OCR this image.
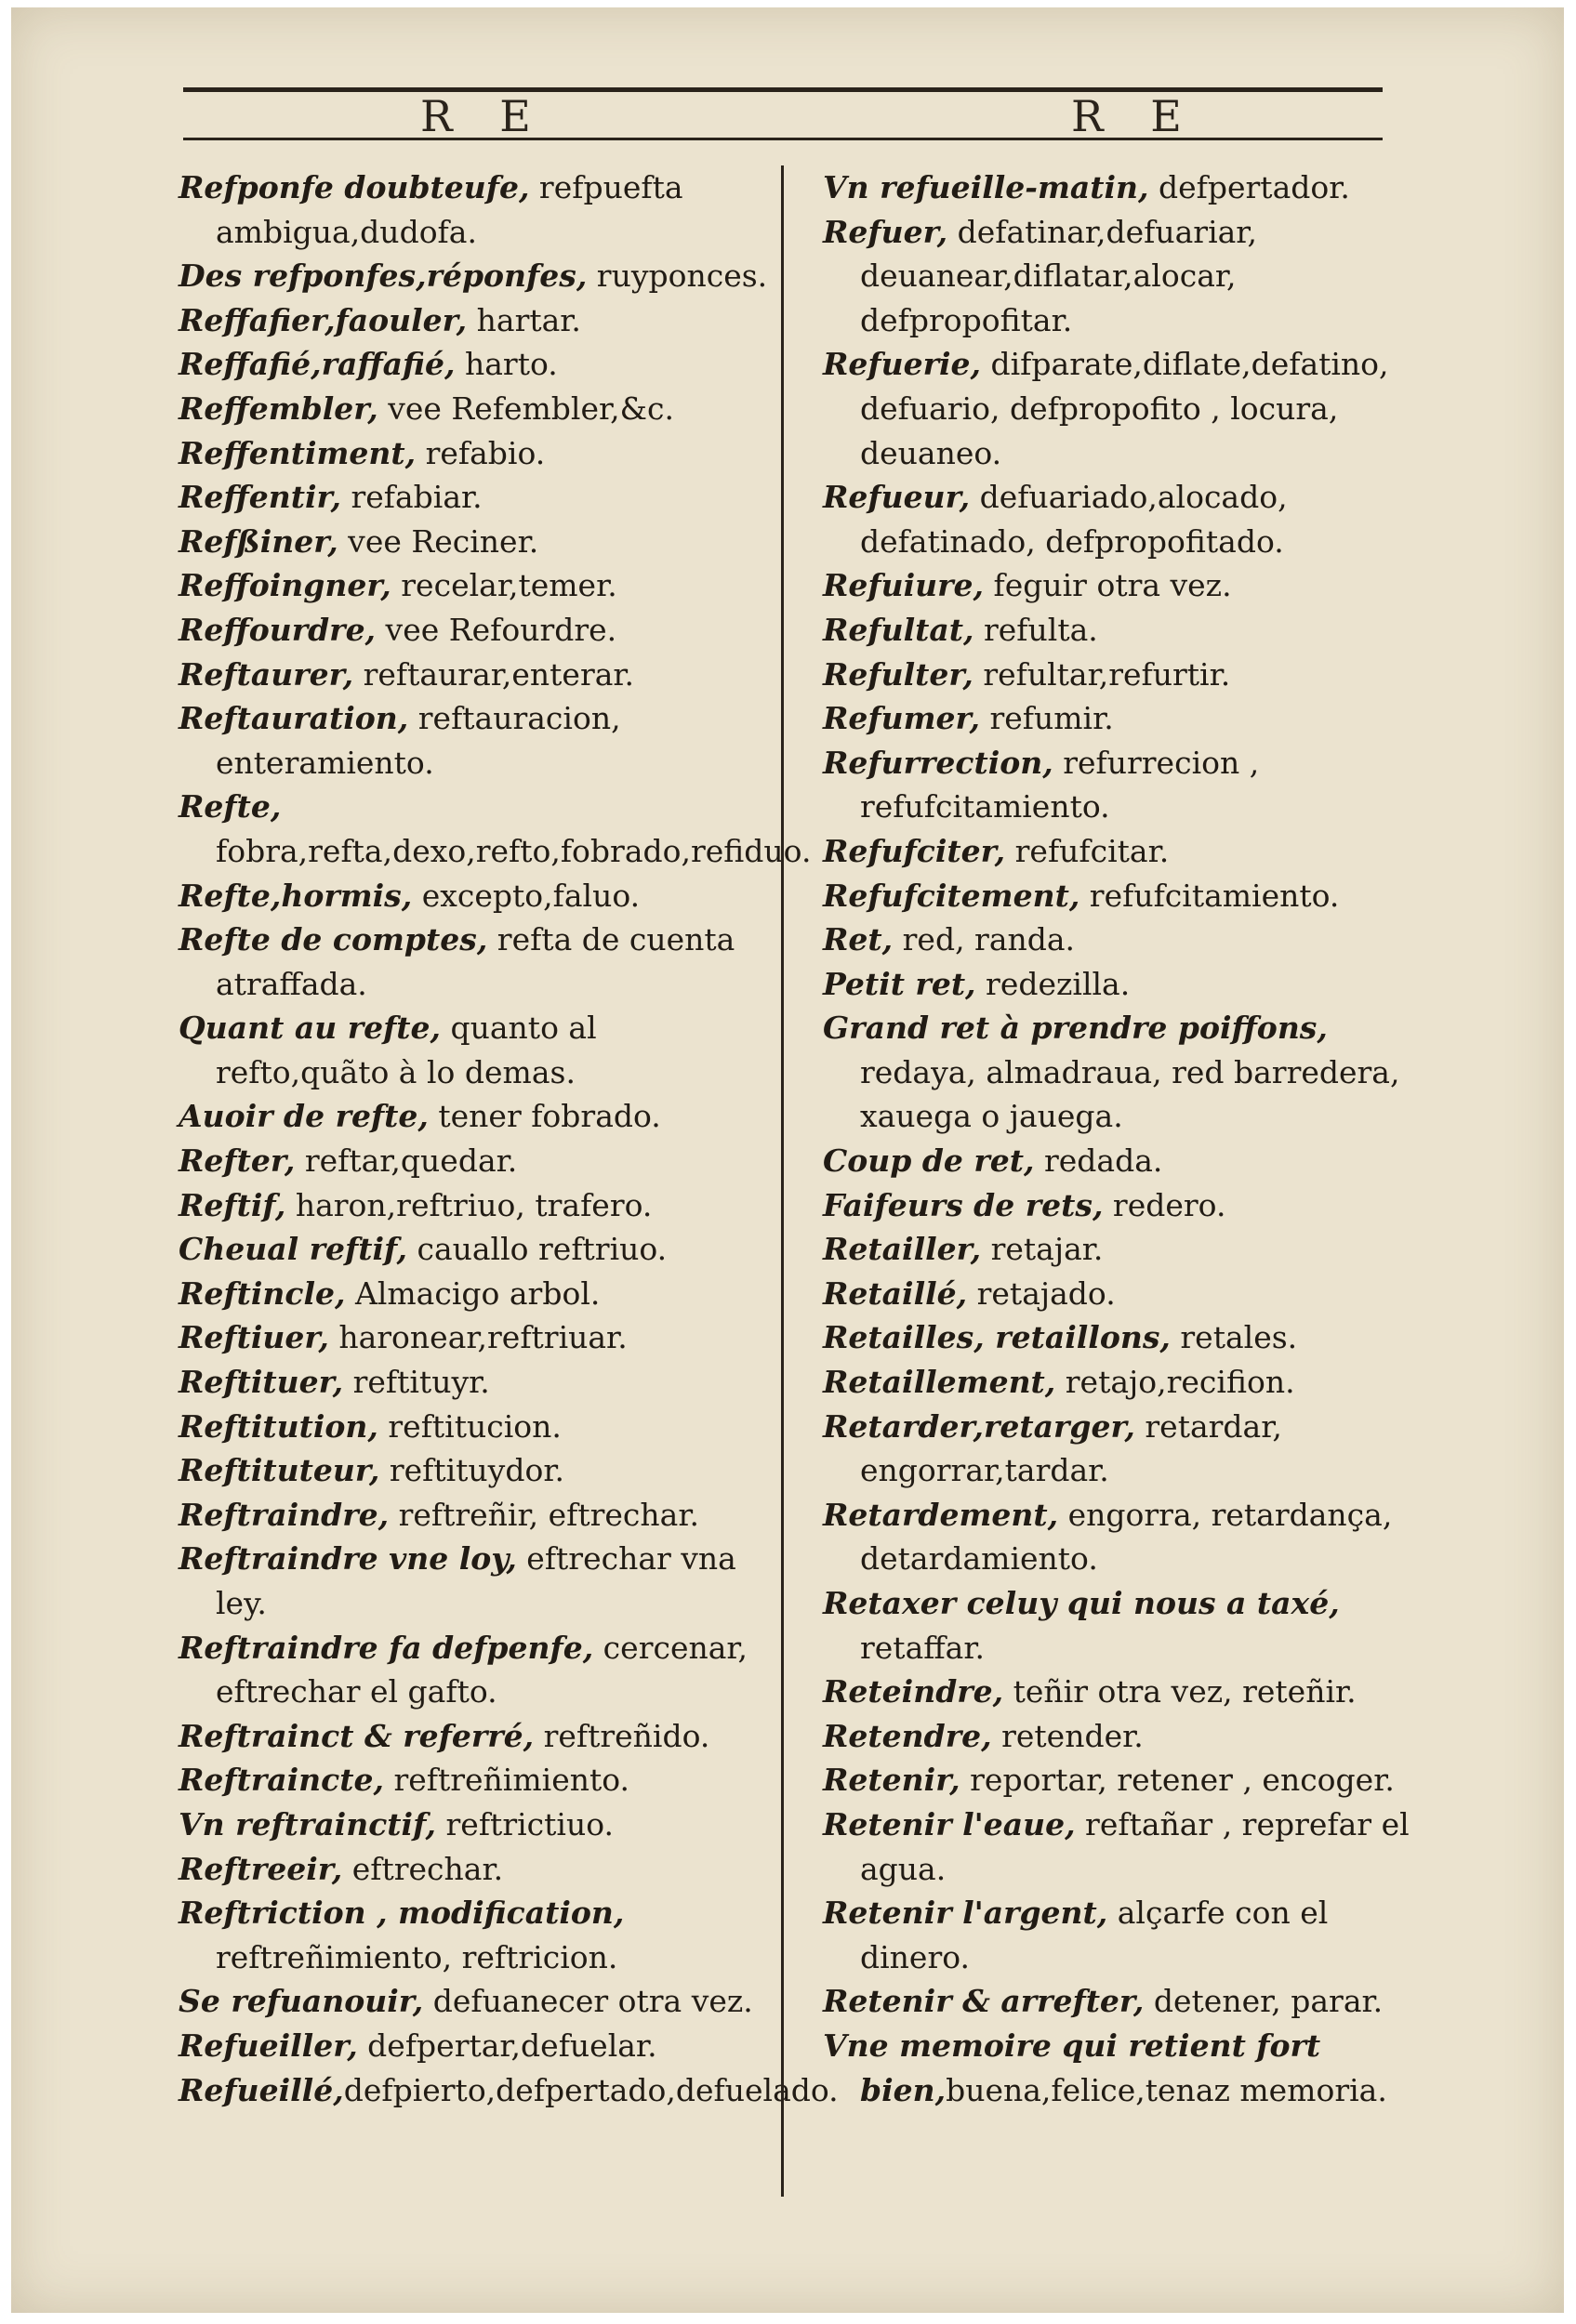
R E	R E

Refponfe doubteufe, refpuefta ambigua,dudofa.

Des refponfes,réponfes, ruyponces.

Reffafier,faouler, hartar.

Reffafié,raffafié, harto.

Reffembler, vee Refembler,&c.

Reffentiment, refabio.

Reffentir, refabiar.

Refßiner, vee Reciner.

Reffoingner, recelar,temer.

Reffourdre, vee Refourdre.

Reftaurer, reftaurar,enterar.

Reftauration, reftauracion, enteramiento.

Refte, fobra,refta,dexo,refto,fobrado,refiduo.

Refte,hormis, excepto,faluo.

Refte de comptes, refta de cuenta atraffada.

Quant au refte, quanto al refto,quãto à lo demas.

Auoir de refte, tener fobrado.

Refter, reftar,quedar.

Reftif, haron,reftriuo, trafero.

Cheual reftif, cauallo reftriuo.

Reftincle, Almacigo arbol.

Reftiuer, haronear,reftriuar.

Reftituer, reftituyr.

Reftitution, reftitucion.

Reftituteur, reftituydor.

Reftraindre, reftreñir, eftrechar.

Reftraindre vne loy, eftrechar vna ley.

Reftraindre fa defpenfe, cercenar, eftrechar el gafto.

Reftrainct & referré, reftreñido.

Reftraincte, reftreñimiento.

Vn reftrainctif, reftrictiuo.

Reftreeir, eftrechar.

Reftriction , modification, reftreñimiento, reftricion.

Se refuanouir, defuanecer otra vez.

Refueiller, defpertar,defuelar.

Refueillé,defpierto,defpertado,defuelado.

Vn refueille-matin, defpertador.

Refuer, defatinar,defuariar, deuanear,diflatar,alocar, defpropofitar.

Refuerie, difparate,diflate,defatino, defuario, defpropofito , locura, deuaneo.

Refueur, defuariado,alocado, defatinado, defpropofitado.

Refuiure, feguir otra vez.

Refultat, refulta.

Refulter, refultar,refurtir.

Refumer, refumir.

Refurrection, refurrecion , refufcitamiento.

Refufciter, refufcitar.

Refufcitement, refufcitamiento.

Ret, red, randa.

Petit ret, redezilla.

Grand ret à prendre poiffons, redaya, almadraua, red barredera, xauega o jauega.

Coup de ret, redada.

Faifeurs de rets, redero.

Retailler, retajar.

Retaillé, retajado.

Retailles, retaillons, retales.

Retaillement, retajo,recifion.

Retarder,retarger, retardar, engorrar,tardar.

Retardement, engorra, retardança, detardamiento.

Retaxer celuy qui nous a taxé, retaffar.

Reteindre, teñir otra vez, reteñir.

Retendre, retender.

Retenir, reportar, retener , encoger.

Retenir l'eaue, reftañar , reprefar el agua.

Retenir l'argent, alçarfe con el dinero.

Retenir & arrefter, detener, parar.

Vne memoire qui retient fort bien,buena,felice,tenaz memoria.
